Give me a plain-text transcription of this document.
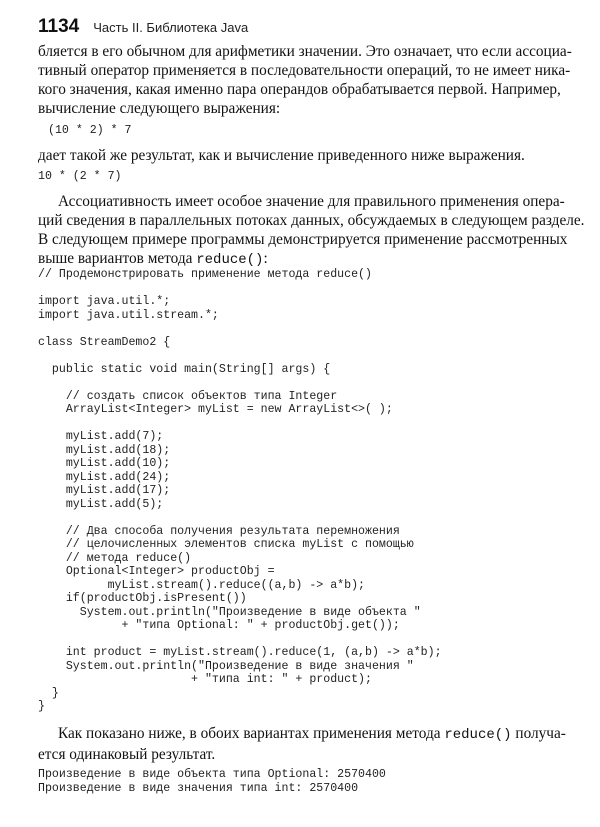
1134 Часть II. Библиотека Java

бляется в его обычном для арифметики значении. Это означает, что если ассоциа-
тивный оператор применяется в последовательности операций, то не имеет ника-
кого значения, какая именно пара операндов обрабатывается первой. Например,
вычисление следующего выражения:

(10 * 2) * 7

дает такой же результат, как и вычисление приведенного ниже выражения.

10 * (2 * 7)

Ассоциативность имеет особое значение для правильного применения опера-
ций сведения в параллельных потоках данных, обсуждаемых в следующем разделе.
В следующем примере программы демонстрируется применение рассмотренных
выше вариантов метода reduce():

// Продемонстрировать применение метода reduce()

import java.util.*;
import java.util.stream.*;

class StreamDemo2 {

public static void main(String[] args) {

// создать список объектов типа Integer
ArrayList<Integer> myList = new ArrayList<>( );

myList.add(7);
myList.add(18);
myList.add(10);
myList.add(24);
myList.add(17);
myList.add(5);

// Два способа получения результата перемножения
// целочисленных элементов списка myList с помощью
// метода reduce()
Optional<Integer> productObj =
myList.stream().reduce((a,b) -> a*b);
if(productObj.isPresent())
System.out.println("Произведение в виде объекта "
+ "типа Optional: " + productObj.get());

int product = myList.stream().reduce(1, (a,b) -> a*b);
System.out.println("Произведение в виде значения "
+ "типа int: " + product);
}
}

Как показано ниже, в обоих вариантах применения метода reduce() получа-
ется одинаковый результат.

Произведение в виде объекта типа Optional: 2570400
Произведение в виде значения типа int: 2570400
